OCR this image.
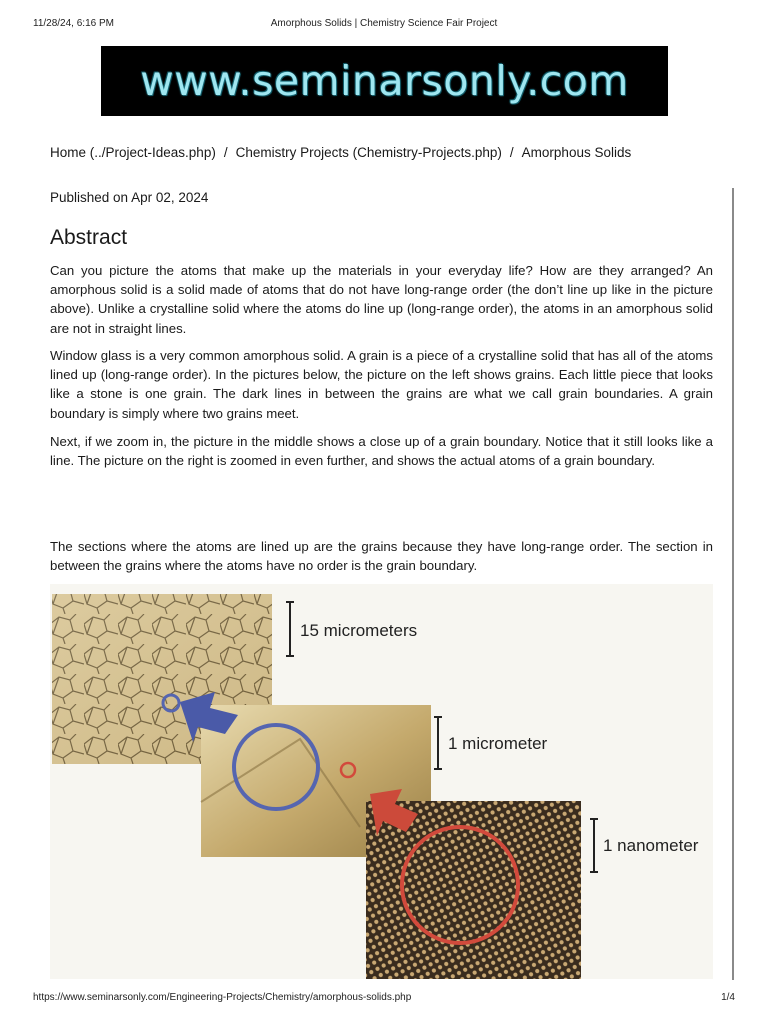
11/28/24, 6:16 PM	Amorphous Solids | Chemistry Science Fair Project
www.seminarsonly.com
Home (../Project-Ideas.php) / Chemistry Projects (Chemistry-Projects.php) / Amorphous Solids
Published on Apr 02, 2024
Abstract

Can you picture the atoms that make up the materials in your everyday life? How are they arranged? An amorphous solid is a solid made of atoms that do not have long-range order (the don’t line up like in the picture above). Unlike a crystalline solid where the atoms do line up (long-range order), the atoms in an amorphous solid are not in straight lines.

Window glass is a very common amorphous solid. A grain is a piece of a crystalline solid that has all of the atoms lined up (long-range order). In the pictures below, the picture on the left shows grains. Each little piece that looks like a stone is one grain. The dark lines in between the grains are what we call grain boundaries. A grain boundary is simply where two grains meet.

Next, if we zoom in, the picture in the middle shows a close up of a grain boundary. Notice that it still looks like a line. The picture on the right is zoomed in even further, and shows the actual atoms of a grain boundary.

The sections where the atoms are lined up are the grains because they have long-range order. The section in between the grains where the atoms have no order is the grain boundary.

15 micrometers
1 micrometer
1 nanometer
https://www.seminarsonly.com/Engineering-Projects/Chemistry/amorphous-solids.php	1/4
